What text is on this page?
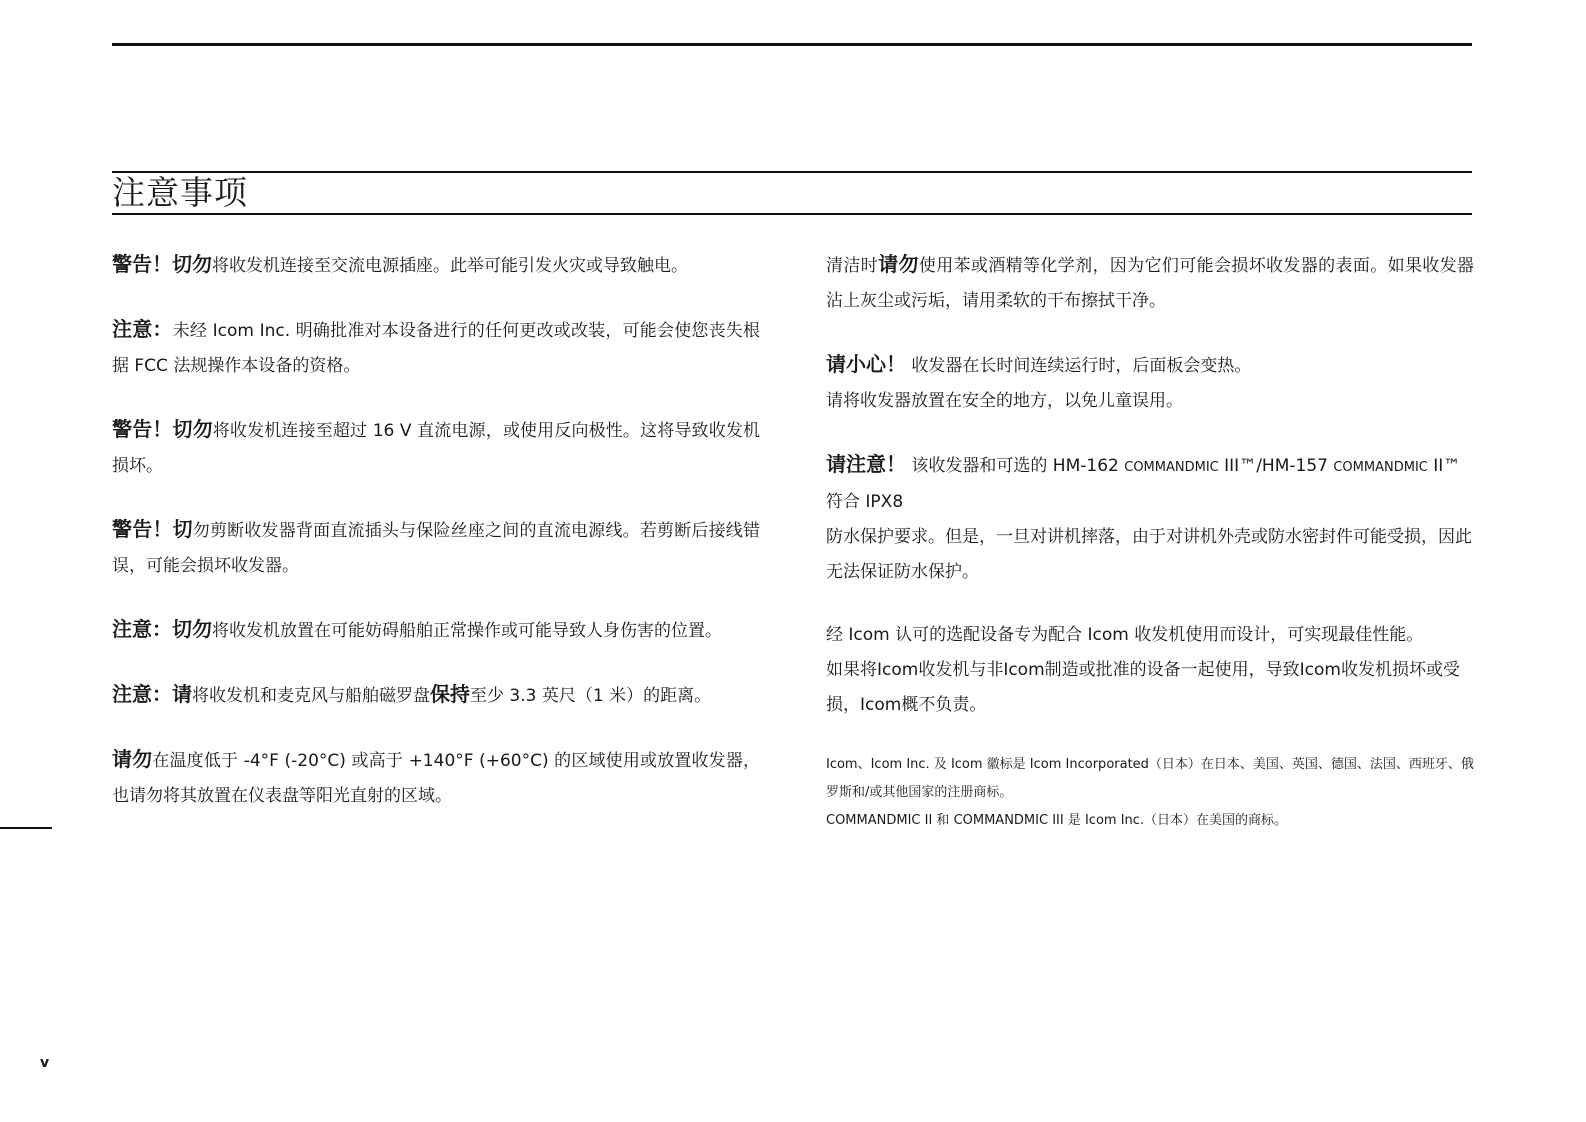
注意事项

警告！切勿将收发机连接至交流电源插座。此举可能引发火灾或导致触电。

注意：未经 Icom Inc. 明确批准对本设备进行的任何更改或改装，可能会使您丧失根据 FCC 法规操作本设备的资格。

警告！切勿将收发机连接至超过 16 V 直流电源，或使用反向极性。这将导致收发机损坏。

警告！切勿剪断收发器背面直流插头与保险丝座之间的直流电源线。若剪断后接线错误，可能会损坏收发器。

注意：切勿将收发机放置在可能妨碍船舶正常操作或可能导致人身伤害的位置。

注意：请将收发机和麦克风与船舶磁罗盘保持至少 3.3 英尺（1 米）的距离。

请勿在温度低于 -4°F (-20°C) 或高于 +140°F (+60°C) 的区域使用或放置收发器，也请勿将其放置在仪表盘等阳光直射的区域。

清洁时请勿使用苯或酒精等化学剂，因为它们可能会损坏收发器的表面。如果收发器沾上灰尘或污垢，请用柔软的干布擦拭干净。

请小心！ 收发器在长时间连续运行时，后面板会变热。

请将收发器放置在安全的地方，以免儿童误用。

请注意！ 该收发器和可选的 HM-162 COMMANDMIC III™/HM-157 COMMANDMIC II™ 符合 IPX8

防水保护要求。但是，一旦对讲机摔落，由于对讲机外壳或防水密封件可能受损，因此无法保证防水保护。

经 Icom 认可的选配设备专为配合 Icom 收发机使用而设计，可实现最佳性能。

如果将Icom收发机与非Icom制造或批准的设备一起使用，导致Icom收发机损坏或受损，Icom概不负责。

Icom、Icom Inc. 及 Icom 徽标是 Icom Incorporated（日本）在日本、美国、英国、德国、法国、西班牙、俄罗斯和/或其他国家的注册商标。

COMMANDMIC II 和 COMMANDMIC III 是 Icom Inc.（日本）在美国的商标。

v
